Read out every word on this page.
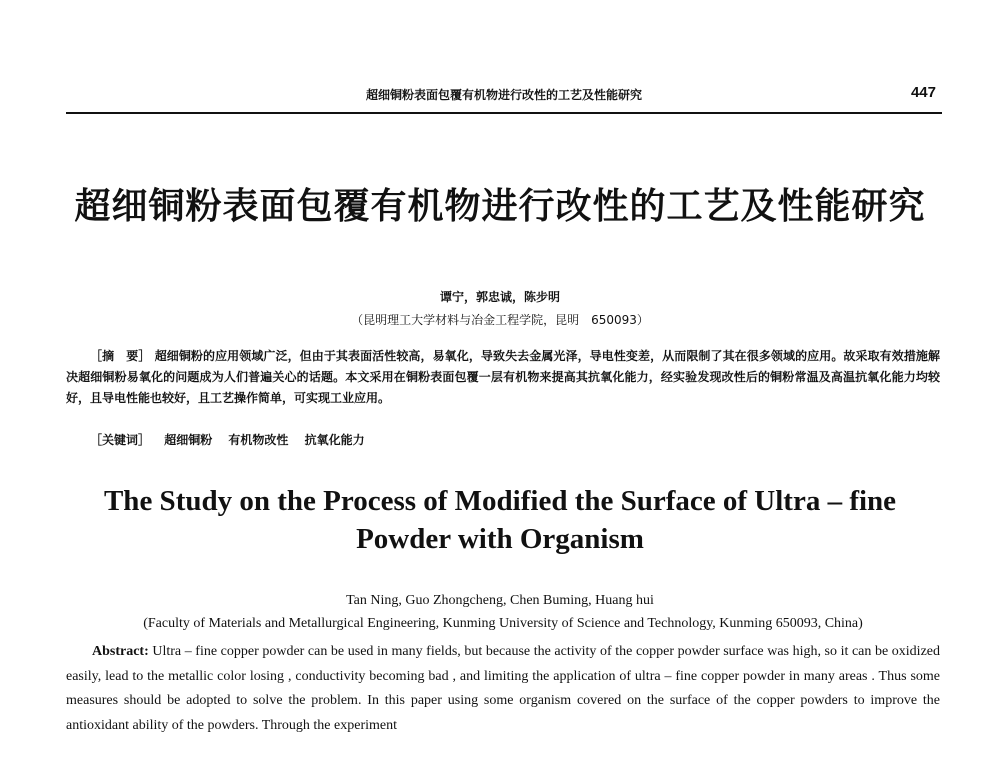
超细铜粉表面包覆有机物进行改性的工艺及性能研究	447
超细铜粉表面包覆有机物进行改性的工艺及性能研究
谭宁，郭忠诚，陈步明
（昆明理工大学材料与冶金工程学院，昆明　650093）
［摘　要］ 超细铜粉的应用领域广泛，但由于其表面活性较高，易氧化，导致失去金属光泽，导电性变差，从而限制了其在很多领域的应用。故采取有效措施解决超细铜粉易氧化的问题成为人们普遍关心的话题。本文采用在铜粉表面包覆一层有机物来提高其抗氧化能力，经实验发现改性后的铜粉常温及高温抗氧化能力均较好，且导电性能也较好，且工艺操作简单，可实现工业应用。
［关键词］ 超细铜粉 有机物改性 抗氧化能力
The Study on the Process of Modified the Surface of Ultra – fine
Powder with Organism
Tan Ning, Guo Zhongcheng, Chen Buming, Huang hui
(Faculty of Materials and Metallurgical Engineering, Kunming University of Science and Technology, Kunming 650093, China)
Abstract: Ultra – fine copper powder can be used in many fields, but because the activity of the copper powder surface was high, so it can be oxidized easily, lead to the metallic color losing , conductivity becoming bad , and limiting the application of ultra – fine copper powder in many areas . Thus some measures should be adopted to solve the problem. In this paper using some organism covered on the surface of the copper powders to improve the antioxidant ability of the powders. Through the experiment
